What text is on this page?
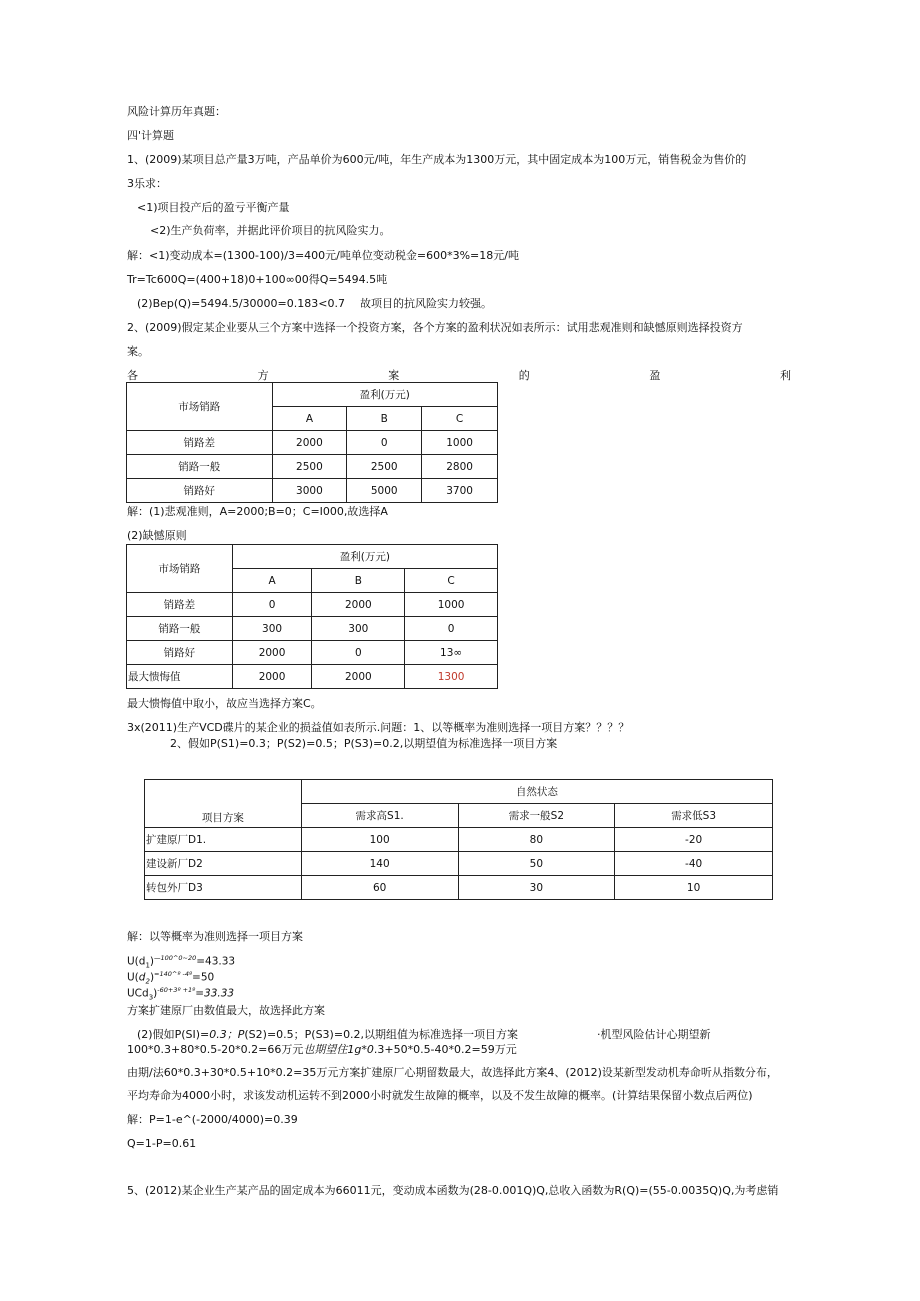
风险计算历年真题：
四'计算题
1、(2009)某项目总产量3万吨，产品单价为600元/吨，年生产成本为1300万元，其中固定成本为100万元，销售税金为售价的
3乐求：
<1)项目投产后的盈亏平衡产量
<2)生产负荷率，并据此评价项目的抗风险实力。
解：<1)变动成本=(1300-100)/3=400元/吨单位变动税金=600*3%=18元/吨
Tr=Tc600Q=(400+18)0+100∞00得Q=5494.5吨
(2)Bep(Q)=5494.5/30000=0.183<0.7 故项目的抗风险实力较强。
2、(2009)假定某企业要从三个方案中选择一个投资方案，各个方案的盈利状况如表所示：试用悲观准则和缺憾原则选择投资方
案。
各	方	案	的	盈	利
市场销路	盈利(万元)		
	A	B	C
销路差	2000	0	1000
销路一般	2500	2500	2800
销路好	3000	5000	3700
解：(1)悲观准则，A=2000;B=0；C=I000,故选择A
(2)缺憾原则
市场销路	盈利(万元)		
	A	B	C
销路差	0	2000	1000
销路一般	300	300	0
销路好	2000	0	13∞
最大愦悔值	2000	2000	1300
最大愦悔值中取小，故应当选择方案C。
3x(2011)生产VCD碟片的某企业的损益值如表所示.问题：1、以等概率为准则选择一项目方案？？？？
2、假如P(S1)=0.3；P(S2)=0.5；P(S3)=0.2,以期望值为标准选择一项目方案
项目方案	自然状态		
	需求高S1.	需求一般S2	需求低S3
扩建原厂D1.	100	80	-20
建设新厂D2	140	50	-40
转包外厂D3	60	30	10
解：以等概率为准则选择一项目方案
$U(d_1)^{—100\^{}0\sim 20}=43.33$
$U(d_2)^{=140\^{}º -4º}=50$
UCd$_3$)$^{-60+3º +1º}$=33.33
方案扩建原厂由数值最大，故选择此方案
(2)假如P(SI)=0.3；P(S2)=0.5；P(S3)=0.2,以期组值为标准选择一项目方案	·机型风险估计心期望新
100*0.3+80*0.5-20*0.2=66万元也期望住1g*0.3+50*0.5-40*0.2=59万元
由期/法60*0.3+30*0.5+10*0.2=35万元方案扩建原厂心期留数最大，故选择此方案4、(2012)设某新型发动机寿命听从指数分布，
平均寿命为4000小时，求该发动机运转不到2000小时就发生故障的概率，以及不发生故障的概率。(计算结果保留小数点后两位)
解：P=1-e^(-2000/4000)=0.39
Q=1-P=0.61
5、(2012)某企业生产某产品的固定成本为66011元，变动成本函数为(28-0.001Q)Q,总收入函数为R(Q)=(55-0.0035Q)Q,为考虑销
